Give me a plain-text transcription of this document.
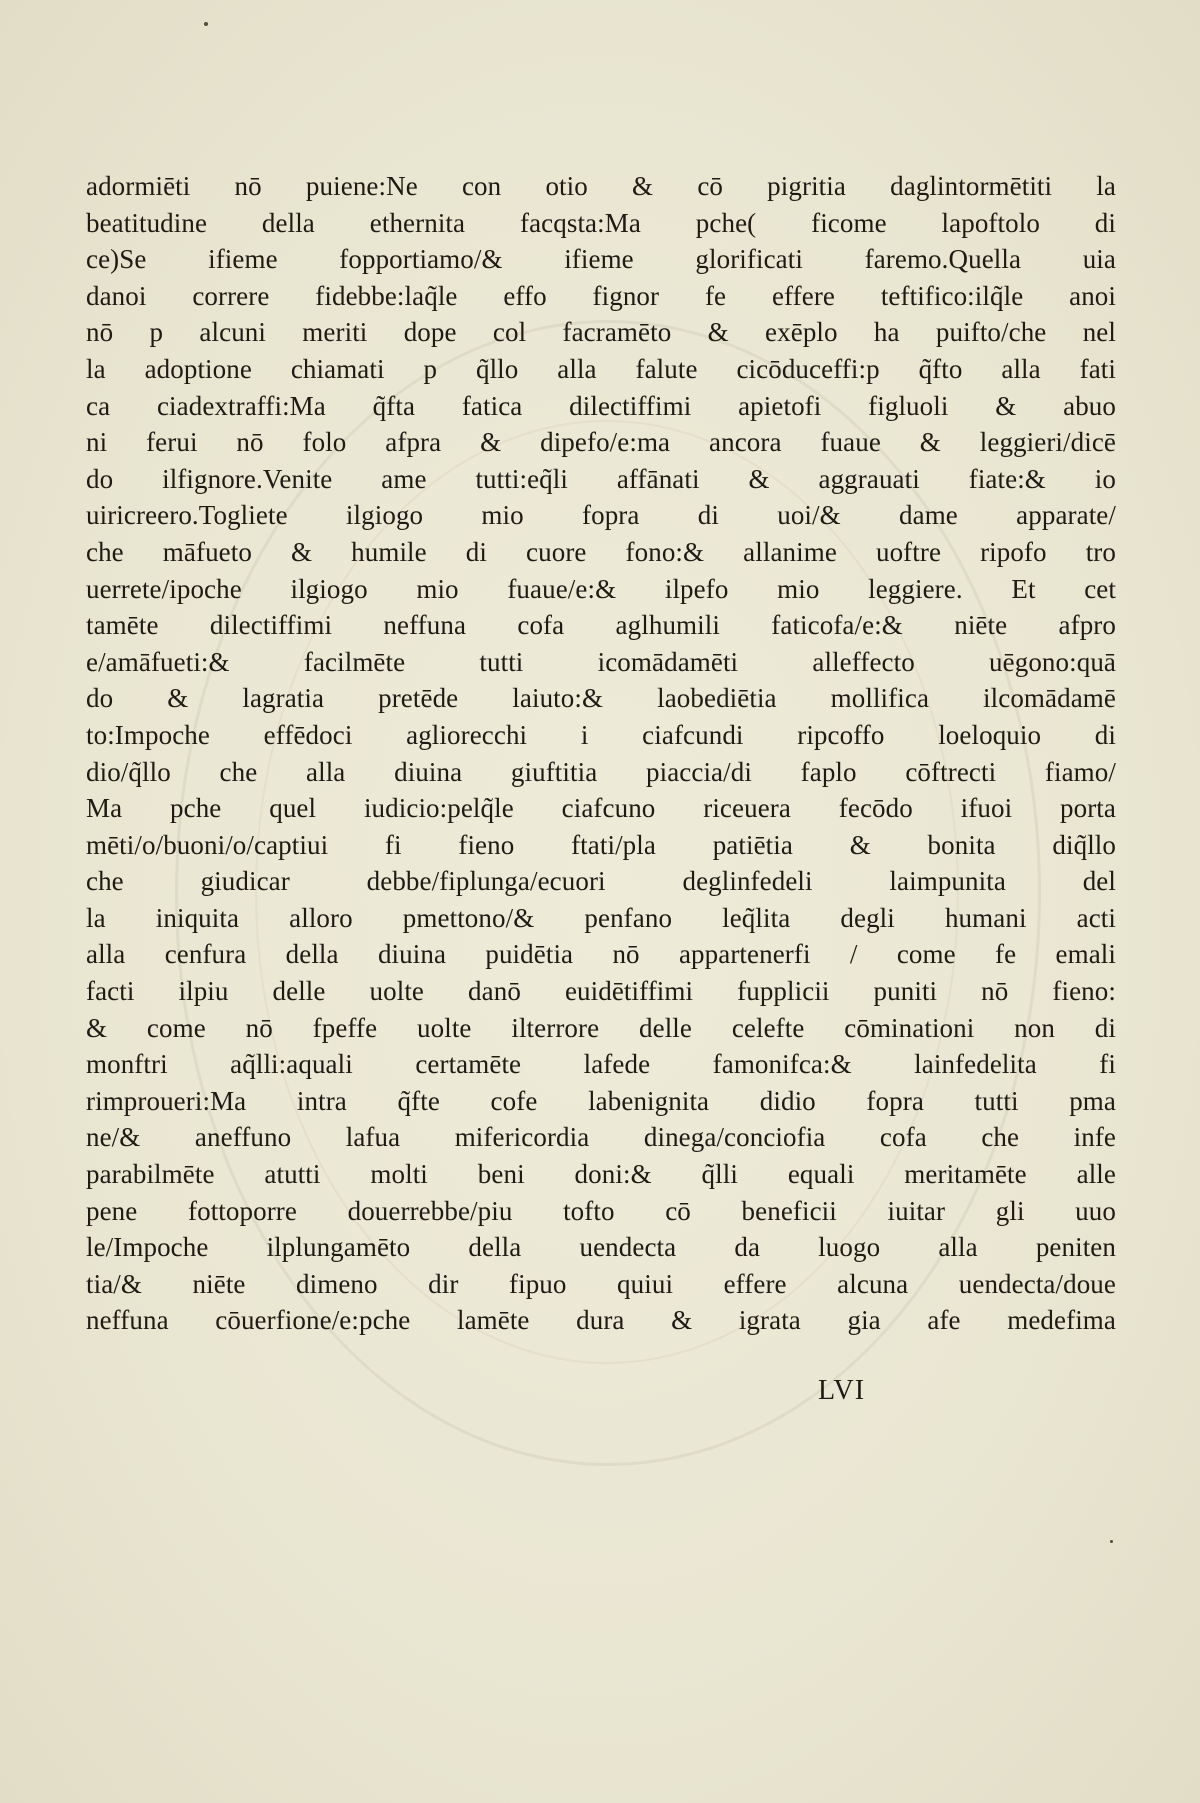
adormiēti nō puiene:Ne con otio & cō pigritia daglintormētiti la
beatitudine della ethernita facqsta:Ma pche( ficome lapoftolo di
ce)Se ifieme fopportiamo/& ifieme glorificati faremo.Quella uia
danoi correre fidebbe:laq̃le effo fignor fe effere teftifico:ilq̃le anoi
nō p alcuni meriti dope col facramēto & exēplo ha puifto/che nel
la adoptione chiamati p q̃llo alla falute cicōduceffi:p q̃fto alla fati
ca ciadextraffi:Ma q̃fta fatica dilectiffimi apietofi figluoli & abuo
ni ferui nō folo afpra & dipefo/e:ma ancora fuaue & leggieri/dicē
do ilfignore.Venite ame tutti:eq̃li affānati & aggrauati fiate:& io
uiricreero.Togliete ilgiogo mio fopra di uoi/& dame apparate/
che māfueto & humile di cuore fono:& allanime uoftre ripofo tro
uerrete/ipoche ilgiogo mio fuaue/e:& ilpefo mio leggiere. Et cet
tamēte dilectiffimi neffuna cofa aglhumili faticofa/e:& niēte afpro
e/amāfueti:& facilmēte tutti icomādamēti alleffecto uēgono:quā
do & lagratia pretēde laiuto:& laobediētia mollifica ilcomādamē
to:Impoche effēdoci agliorecchi i ciafcundi ripcoffo loeloquio di
dio/q̃llo che alla diuina giuftitia piaccia/di faplo cōftrecti fiamo/
Ma pche quel iudicio:pelq̃le ciafcuno riceuera fecōdo ifuoi porta
mēti/o/buoni/o/captiui fi fieno ftati/pla patiētia & bonita diq̃llo
che giudicar debbe/fiplunga/ecuori deglinfedeli laimpunita del
la iniquita alloro pmettono/& penfano leq̃lita degli humani acti
alla cenfura della diuina puidētia nō appartenerfi / come fe emali
facti ilpiu delle uolte danō euidētiffimi fupplicii puniti nō fieno:
& come nō fpeffe uolte ilterrore delle celefte cōminationi non di
monftri aq̃lli:aquali certamēte lafede famonifca:& lainfedelita fi
rimproueri:Ma intra q̃fte cofe labenignita didio fopra tutti pma
ne/& aneffuno lafua mifericordia dinega/conciofia cofa che infe
parabilmēte atutti molti beni doni:& q̃lli equali meritamēte alle
pene fottoporre douerrebbe/piu tofto cō beneficii iuitar gli uuo
le/Impoche ilplungamēto della uendecta da luogo alla peniten
tia/& niēte dimeno dir fipuo quiui effere alcuna uendecta/doue
neffuna cōuerfione/e:pche lamēte dura & igrata gia afe medefima
LVI
